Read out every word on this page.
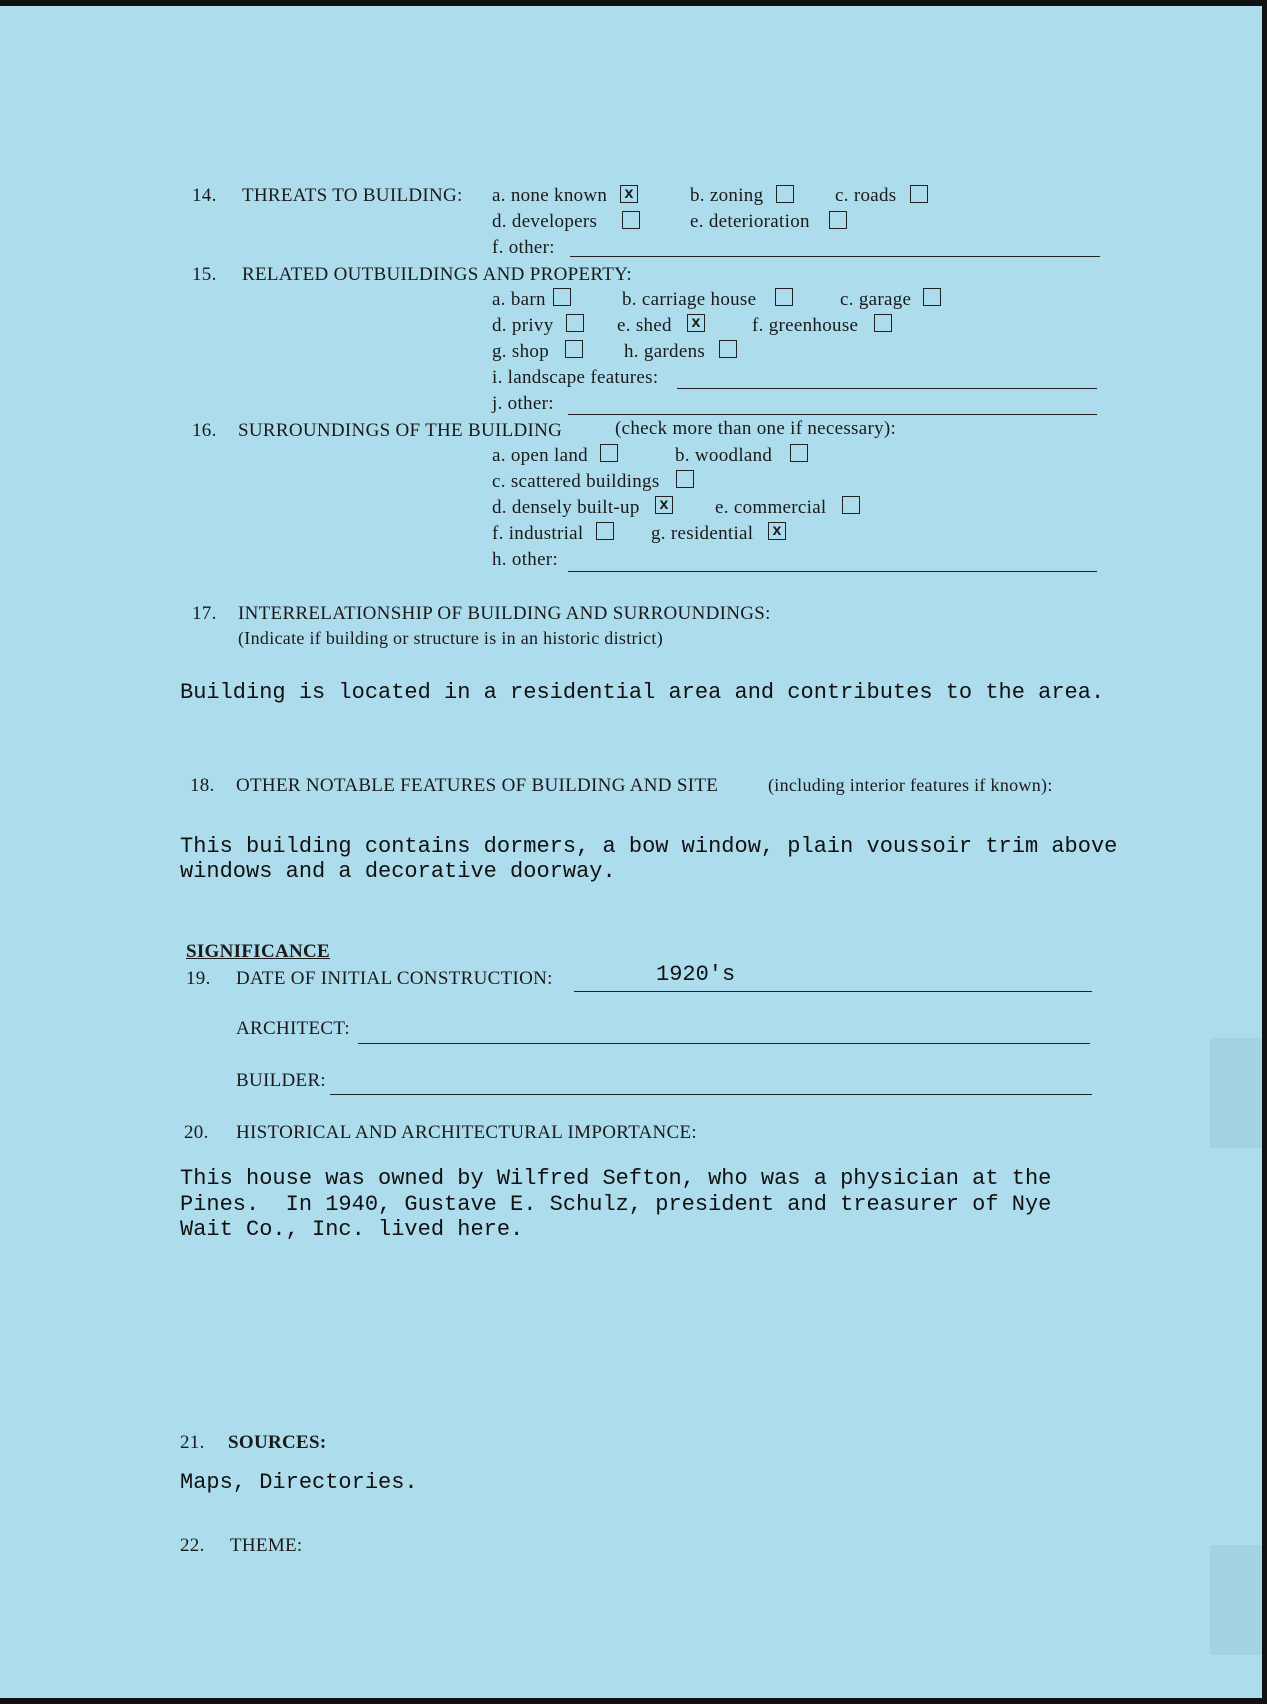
14. THREATS TO BUILDING: a. none known x	b. zoning	c. roads
d. developers	e. deterioration
f. other:
15. RELATED OUTBUILDINGS AND PROPERTY:
a. barn	b. carriage house	c. garage
d. privy	e. shed x	f. greenhouse
g. shop	h. gardens
i. landscape features:
j. other:
16. SURROUNDINGS OF THE BUILDING	(check more than one if necessary):
a. open land	b. woodland
c. scattered buildings
d. densely built-up x e. commercial
f. industrial	g. residential x
h. other:
17. INTERRELATIONSHIP OF BUILDING AND SURROUNDINGS:
(Indicate if building or structure is in an historic district)
Building is located in a residential area and contributes to the area.
18. OTHER NOTABLE FEATURES OF BUILDING AND SITE	(including interior features if known):
This building contains dormers, a bow window, plain voussoir trim above
windows and a decorative doorway.
SIGNIFICANCE
19. DATE OF INITIAL CONSTRUCTION:	1920's
ARCHITECT:
BUILDER:
20. HISTORICAL AND ARCHITECTURAL IMPORTANCE:
This house was owned by Wilfred Sefton, who was a physician at the
Pines.  In 1940, Gustave E. Schulz, president and treasurer of Nye
Wait Co., Inc. lived here.
21. SOURCES:
Maps, Directories.
22. THEME:
